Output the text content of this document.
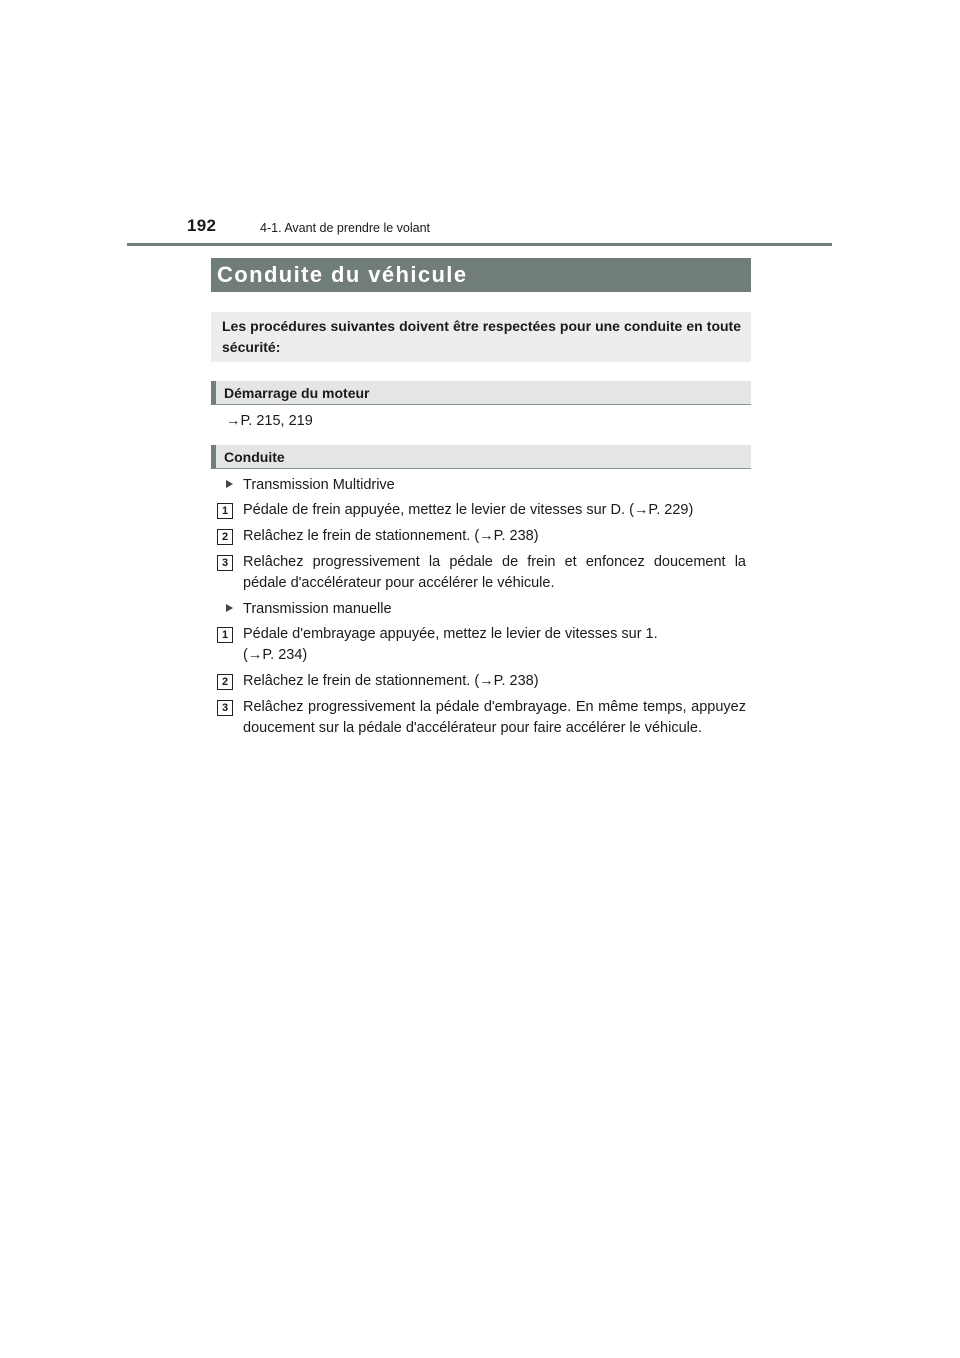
192	4-1. Avant de prendre le volant
Conduite du véhicule
Les procédures suivantes doivent être respectées pour une conduite en toute sécurité:
Démarrage du moteur
→P. 215, 219
Conduite
Transmission Multidrive
1	Pédale de frein appuyée, mettez le levier de vitesses sur D. (→P. 229)
2	Relâchez le frein de stationnement. (→P. 238)
3	Relâchez progressivement la pédale de frein et enfoncez doucement la pédale d'accélérateur pour accélérer le véhicule.
Transmission manuelle
1	Pédale d'embrayage appuyée, mettez le levier de vitesses sur 1.
(→P. 234)
2	Relâchez le frein de stationnement. (→P. 238)
3	Relâchez progressivement la pédale d'embrayage. En même temps, appuyez doucement sur la pédale d'accélérateur pour faire accélérer le véhicule.
